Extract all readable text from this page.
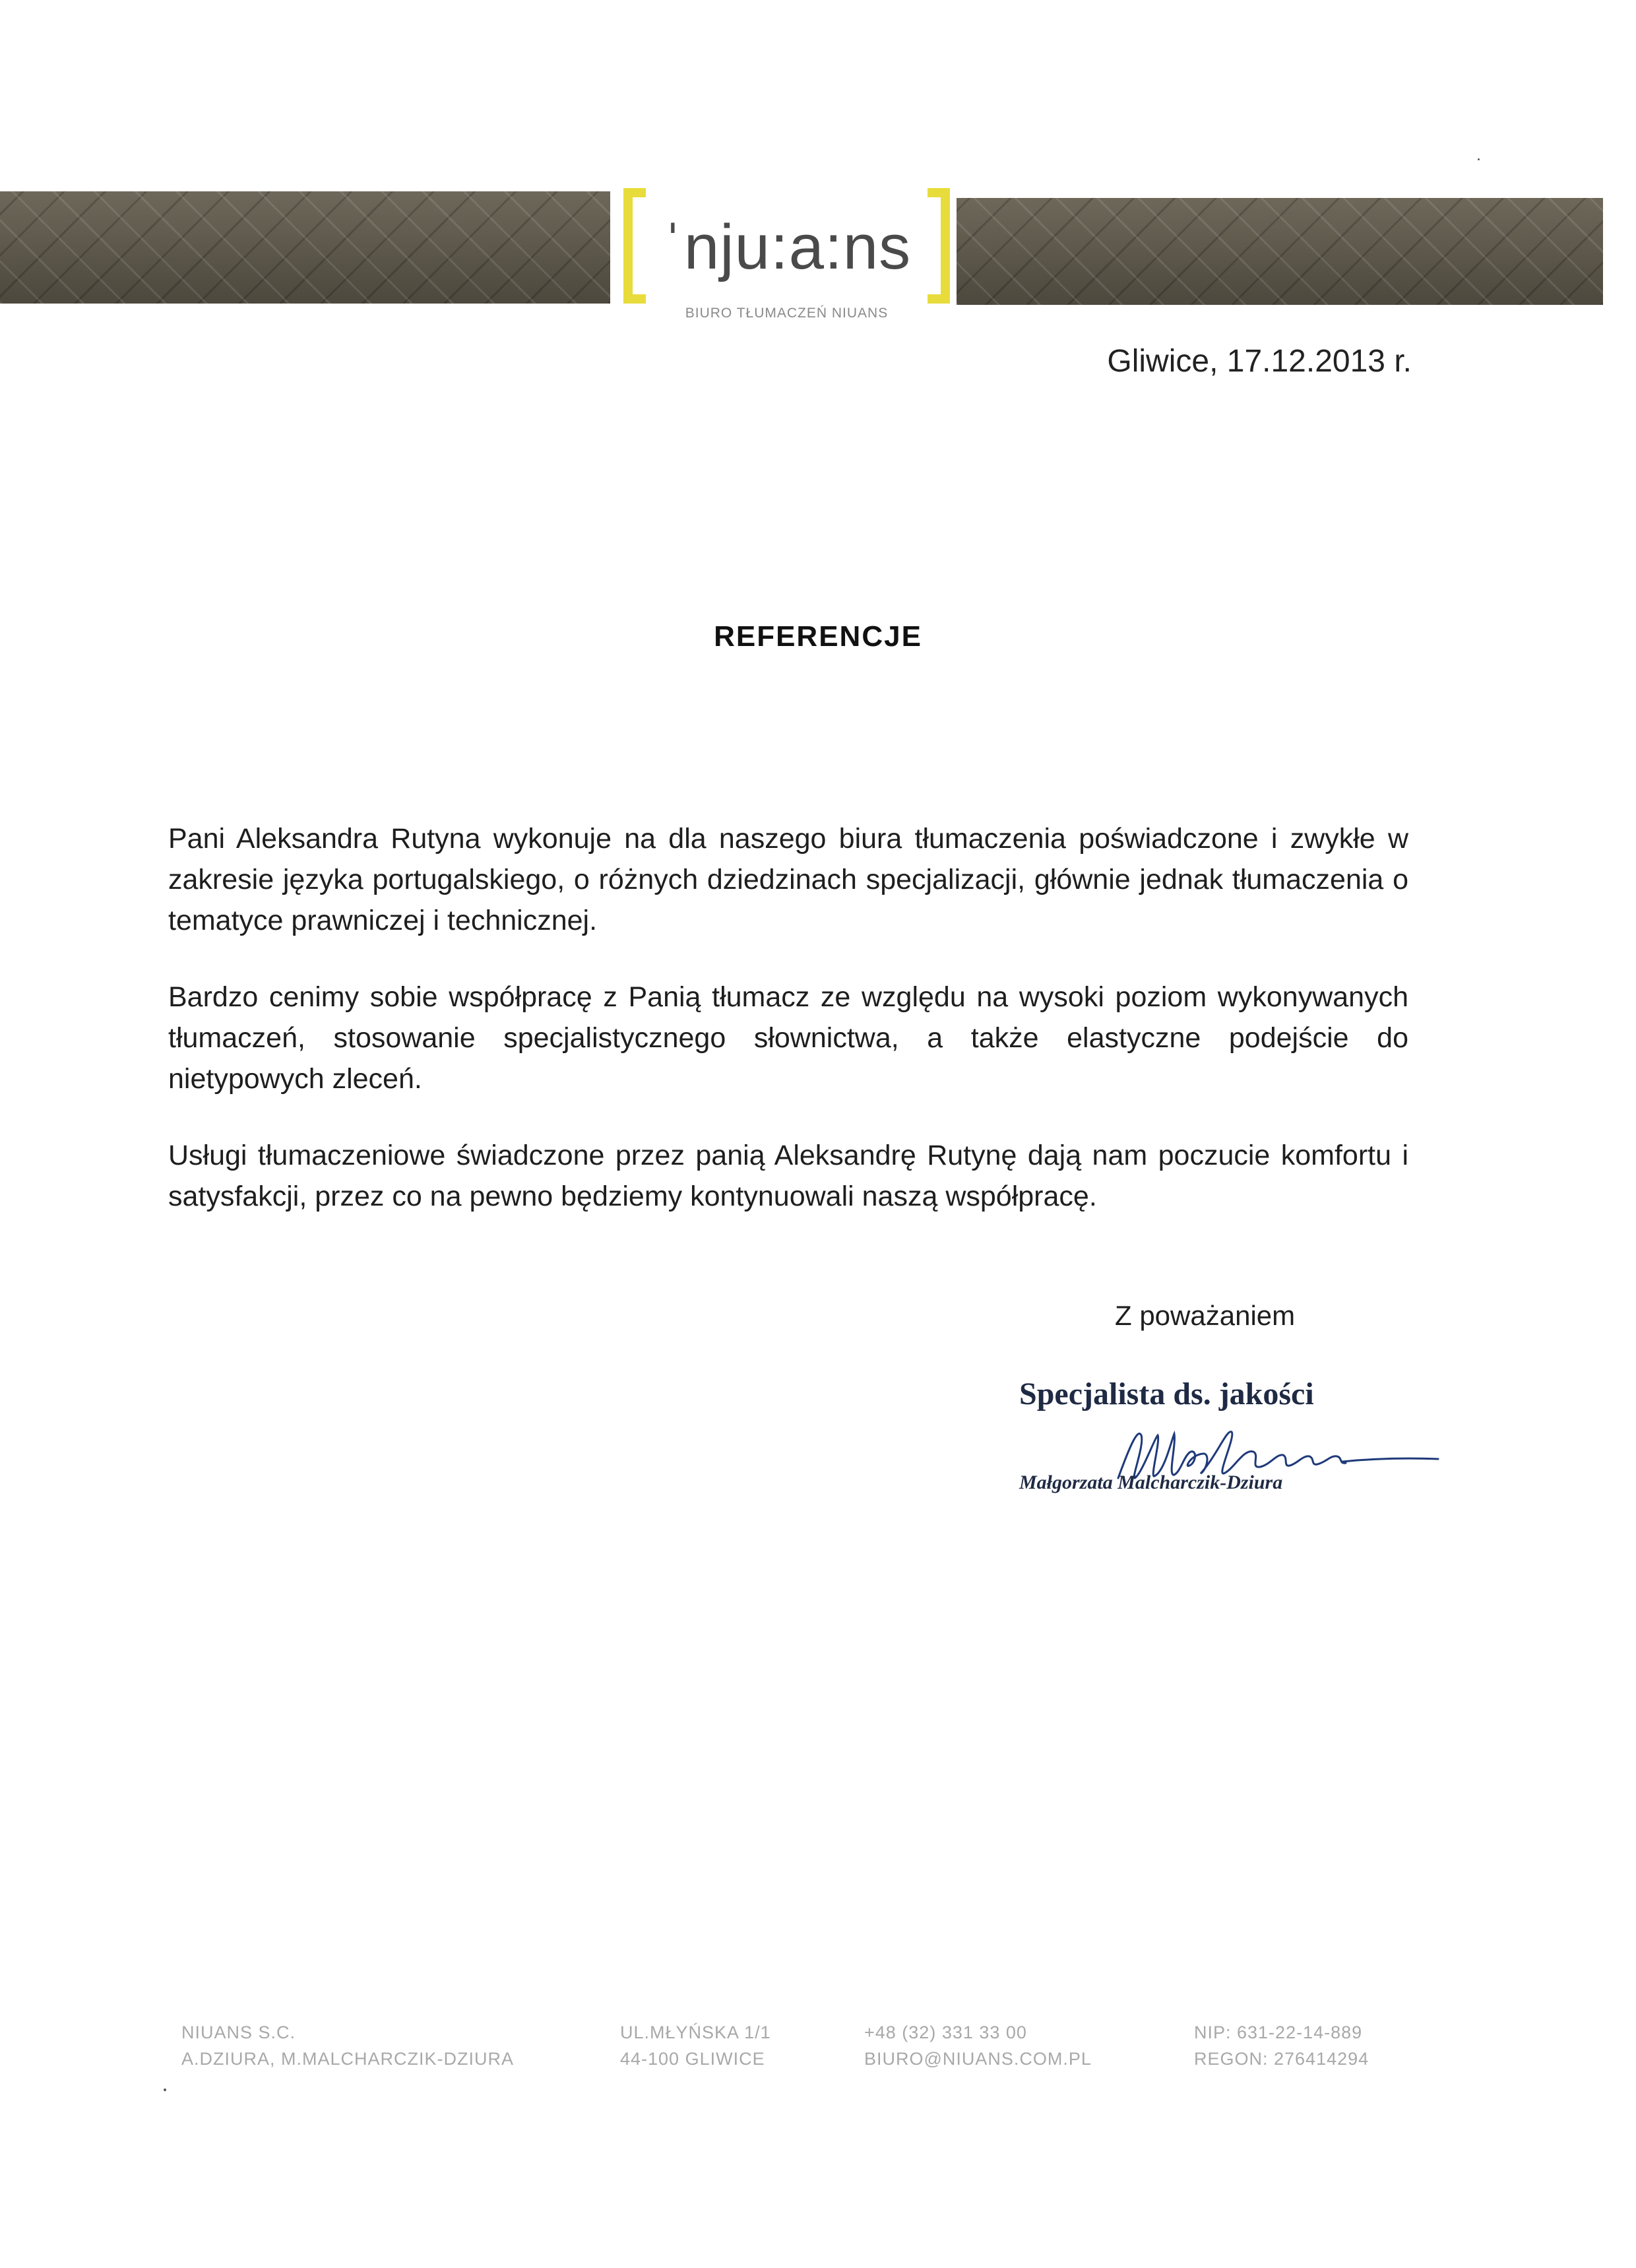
ˈnju:a:ns
BIURO TŁUMACZEŃ NIUANS
Gliwice, 17.12.2013 r.
REFERENCJE

Pani Aleksandra Rutyna wykonuje na dla naszego biura tłumaczenia poświadczone i zwykłe w zakresie języka portugalskiego, o różnych dziedzinach specjalizacji, głównie jednak tłumaczenia o tematyce prawniczej i technicznej.

Bardzo cenimy sobie współpracę z Panią tłumacz ze względu na wysoki poziom wykonywanych tłumaczeń, stosowanie specjalistycznego słownictwa, a także elastyczne podejście do nietypowych zleceń.

Usługi tłumaczeniowe świadczone przez panią Aleksandrę Rutynę dają nam poczucie komfortu i satysfakcji, przez co na pewno będziemy kontynuowali naszą współpracę.

Z poważaniem
Specjalista ds. jakości
Małgorzata Malcharczik-Dziura
NIUANS S.C.
A.DZIURA, M.MALCHARCZIK-DZIURA
UL.MŁYŃSKA 1/1
44-100 GLIWICE
+48 (32) 331 33 00
BIURO@NIUANS.COM.PL
NIP: 631-22-14-889
REGON: 276414294
